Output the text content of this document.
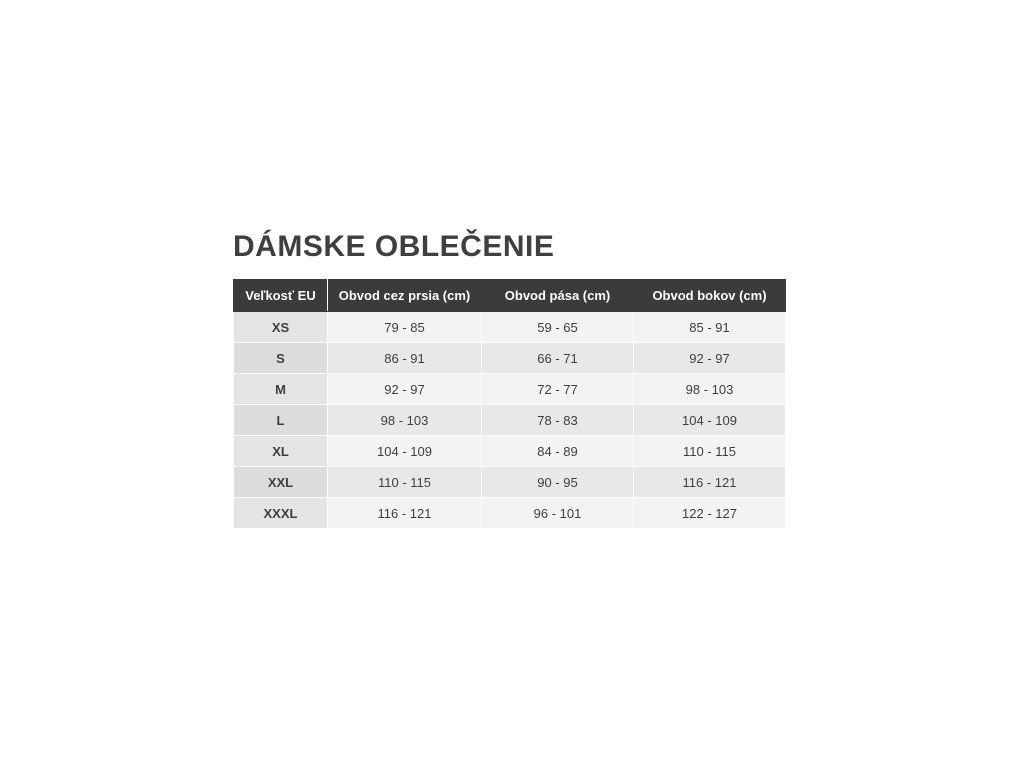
DÁMSKE OBLEČENIE
Veľkosť EU	Obvod cez prsia (cm)	Obvod pása (cm)	Obvod bokov (cm)
XS	79 - 85	59 - 65	85 - 91
S	86 - 91	66 - 71	92 - 97
M	92 - 97	72 - 77	98 - 103
L	98 - 103	78 - 83	104 - 109
XL	104 - 109	84 - 89	110 - 115
XXL	110 - 115	90 - 95	116 - 121
XXXL	116 - 121	96 - 101	122 - 127
